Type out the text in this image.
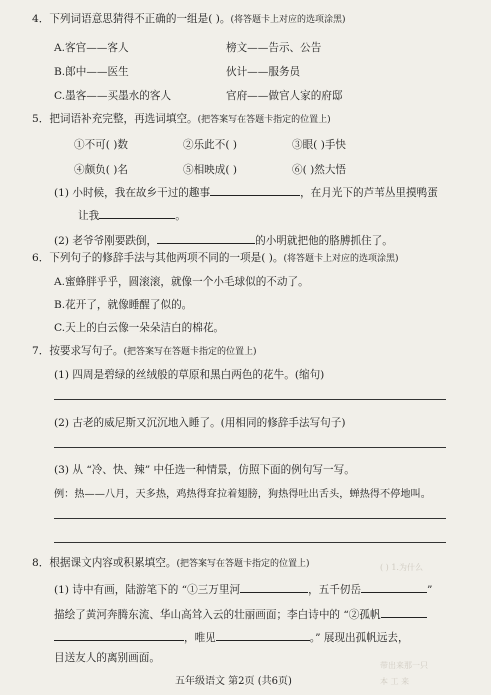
4．下列词语意思猜得不正确的一组是( )。(将答题卡上对应的选项涂黑)
A.客官——客人	榜文——告示、公告
B.郎中——医生	伙计——服务员
C.墨客——买墨水的客人	官府——做官人家的府邸
5．把词语补充完整，再选词填空。(把答案写在答题卡指定的位置上)
①不可( )数	②乐此不( )	③眼( )手快
④颇负( )名	⑤相映成( )	⑥( )然大悟
(1) 小时候，我在故乡干过的趣事	，在月光下的芦苇丛里摸鸭蛋
让我	。
(2) 老爷爷刚要跌倒，	的小明就把他的胳膊抓住了。
6．下列句子的修辞手法与其他两项不同的一项是( )。(将答题卡上对应的选项涂黑)
A.蜜蜂胖乎乎，圆滚滚，就像一个小毛球似的不动了。
B.花开了，就像睡醒了似的。
C.天上的白云像一朵朵洁白的棉花。
7．按要求写句子。(把答案写在答题卡指定的位置上)
(1) 四周是碧绿的丝绒般的草原和黑白两色的花牛。(缩句)
(2) 古老的威尼斯又沉沉地入睡了。(用相同的修辞手法写句子)
(3) 从 “冷、快、辣” 中任选一种情景，仿照下面的例句写一写。
例：热——八月，天多热，鸡热得耷拉着翅膀，狗热得吐出舌头，蝉热得不停地叫。
8．根据课文内容或积累填空。(把答案写在答题卡指定的位置上)
(1) 诗中有画，陆游笔下的 “①三万里河	，五千仞岳	”
描绘了黄河奔腾东流、华山高耸入云的壮丽画面；李白诗中的 “②孤帆
，唯见	。” 展现出孤帆远去，
目送友人的离别画面。
五年级语文 第2页 (共6页)
( ) 1.为什么
带出来那一只
本 工 来
